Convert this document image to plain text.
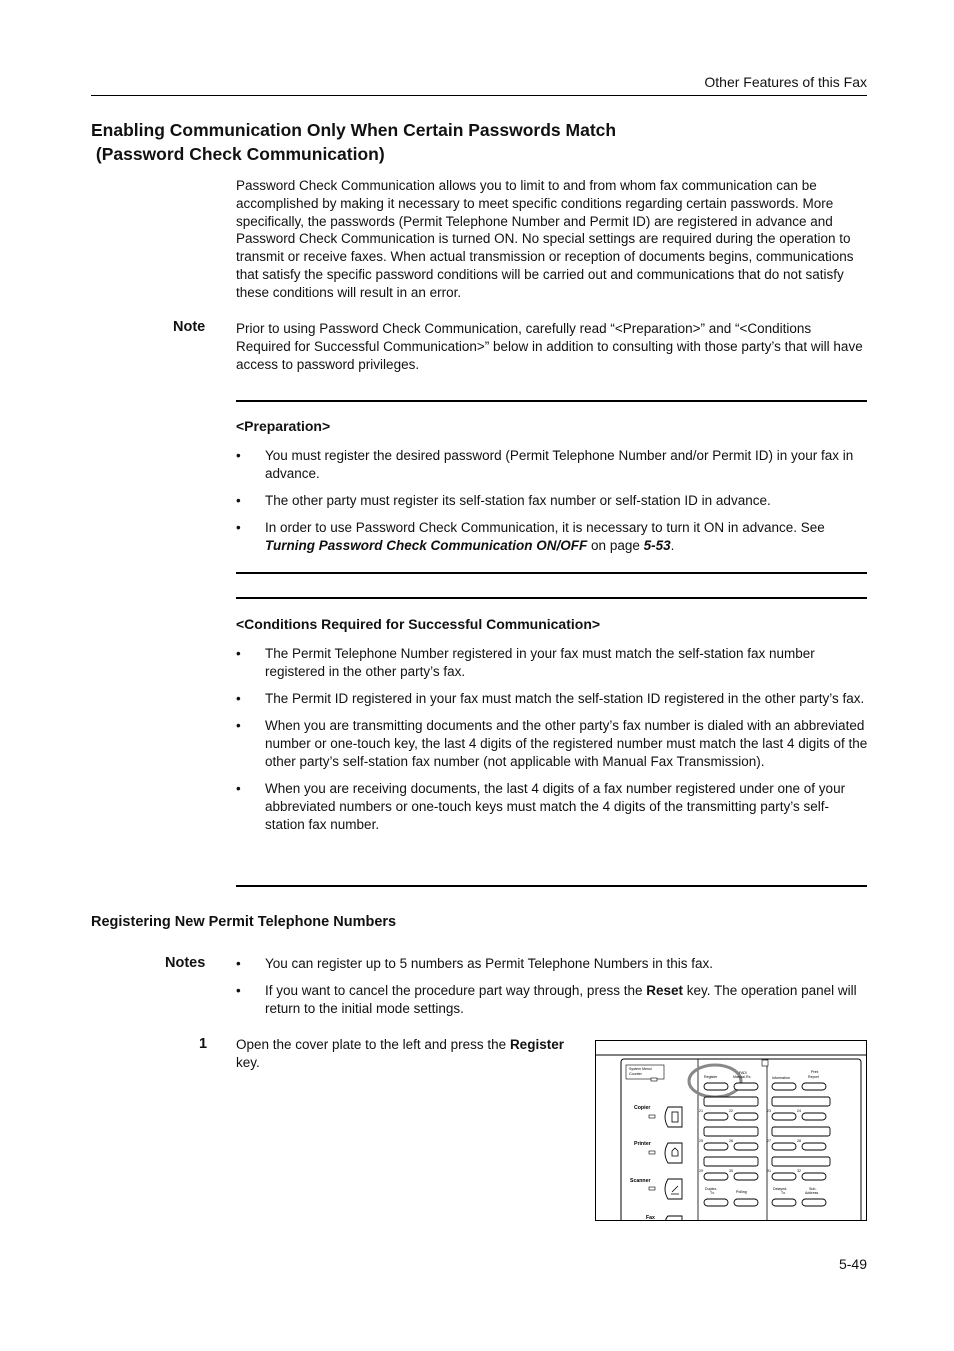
Other Features of this Fax
Enabling Communication Only When Certain Passwords Match
(Password Check Communication)
Password Check Communication allows you to limit to and from whom fax communication can be accomplished by making it necessary to meet specific conditions regarding certain passwords. More specifically, the passwords (Permit Telephone Number and Permit ID) are registered in advance and Password Check Communication is turned ON. No special settings are required during the operation to transmit or receive faxes. When actual transmission or reception of documents begins, communications that satisfy the specific password conditions will be carried out and communications that do not satisfy these conditions will result in an error.
Note Prior to using Password Check Communication, carefully read “<Preparation>” and “<Conditions Required for Successful Communication>” below in addition to consulting with those party’s that will have access to password privileges.
<Preparation>
• You must register the desired password (Permit Telephone Number and/or Permit ID) in your fax in advance.
• The other party must register its self-station fax number or self-station ID in advance.
• In order to use Password Check Communication, it is necessary to turn it ON in advance. See Turning Password Check Communication ON/OFF on page 5-53.
<Conditions Required for Successful Communication>
• The Permit Telephone Number registered in your fax must match the self-station fax number registered in the other party’s fax.
• The Permit ID registered in your fax must match the self-station ID registered in the other party’s fax.
• When you are transmitting documents and the other party’s fax number is dialed with an abbreviated number or one-touch key, the last 4 digits of the registered number must match the last 4 digits of the other party’s self-station fax number (not applicable with Manual Fax Transmission).
• When you are receiving documents, the last 4 digits of a fax number registered under one of your abbreviated numbers or one-touch keys must match the 4 digits of the transmitting party’s self-station fax number.
Registering New Permit Telephone Numbers
Notes • You can register up to 5 numbers as Permit Telephone Numbers in this fax.
• If you want to cancel the procedure part way through, press the Reset key. The operation panel will return to the initial mode settings.
1 Open the cover plate to the left and press the Register key.	System Menu/
Counter
Copier
Printer
Scanner
Fax
Register
FAD/
Manual-Rx.
21	22
25	26
29	30
Duplex-
Tx.	Polling
Information
Print
Report
23	24
27	28
31	32
Delayed-
Tx.
Sub-
Address
5-49
